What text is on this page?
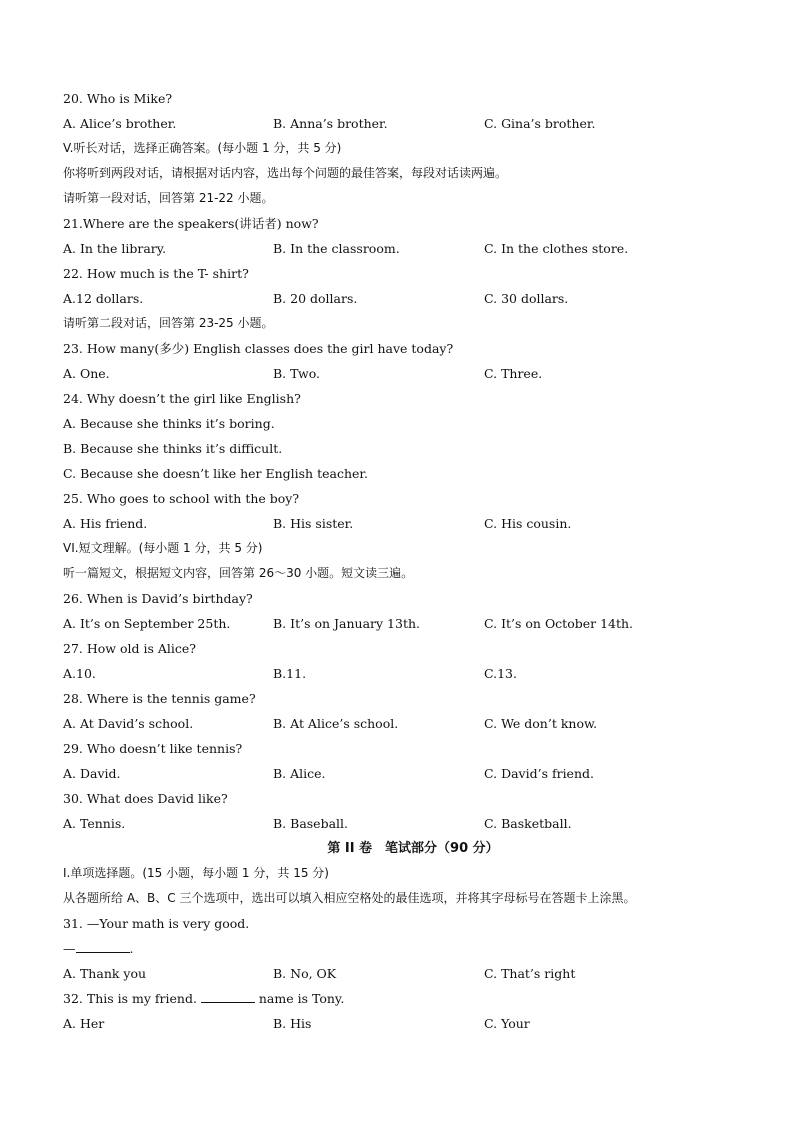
20. Who is Mike?
A. Alice’s brother.	B. Anna’s brother.	C. Gina’s brother.
V.听长对话，选择正确答案。(每小题 1 分，共 5 分)
你将听到两段对话，请根据对话内容，选出每个问题的最佳答案，每段对话读两遍。
请听第一段对话，回答第 21-22 小题。
21.Where are the speakers(讲话者) now?
A. In the library.	B. In the classroom.	C. In the clothes store.
22. How much is the T- shirt?
A.12 dollars.	B. 20 dollars.	C. 30 dollars.
请听第二段对话，回答第 23-25 小题。
23. How many(多少) English classes does the girl have today?
A. One.	B. Two.	C. Three.
24. Why doesn’t the girl like English?
A. Because she thinks it’s boring.
B. Because she thinks it’s difficult.
C. Because she doesn’t like her English teacher.
25. Who goes to school with the boy?
A. His friend.	B. His sister.	C. His cousin.
VI.短文理解。(每小题 1 分，共 5 分)
听一篇短文，根据短文内容，回答第 26～30 小题。短文读三遍。
26. When is David’s birthday?
A. It’s on September 25th.	B. It’s on January 13th.	C. It’s on October 14th.
27. How old is Alice?
A.10.	B.11.	C.13.
28. Where is the tennis game?
A. At David’s school.	B. At Alice’s school.	C. We don’t know.
29. Who doesn’t like tennis?
A. David.	B. Alice.	C. David’s friend.
30. What does David like?
A. Tennis.	B. Baseball.	C. Basketball.
第 II 卷　笔试部分（90 分）
I.单项选择题。(15 小题，每小题 1 分，共 15 分)
从各题所给 A、B、C 三个选项中，选出可以填入相应空格处的最佳选项，并将其字母标号在答题卡上涂黑。
31. —Your math is very good.
—	.
A. Thank you	B. No, OK	C. That’s right
32. This is my friend.	name is Tony.
A. Her	B. His	C. Your
